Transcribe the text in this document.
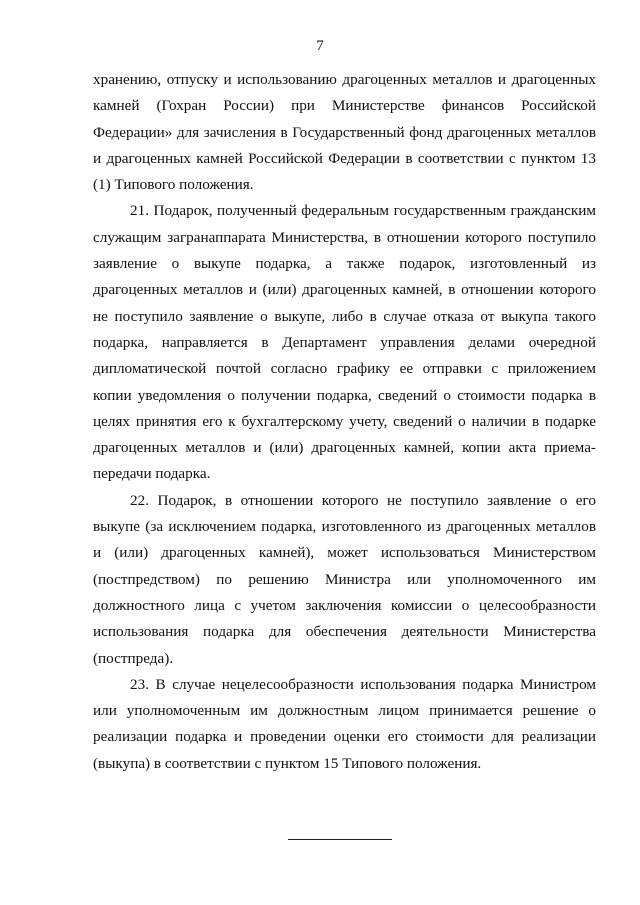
7

хранению, отпуску и использованию драгоценных металлов и драгоценных камней (Гохран России) при Министерстве финансов Российской Федерации» для зачисления в Государственный фонд драгоценных металлов и драгоценных камней Российской Федерации в соответствии с пунктом 13 (1) Типового положения.

21. Подарок, полученный федеральным государственным гражданским служащим загранаппарата Министерства, в отношении которого поступило заявление о выкупе подарка, а также подарок, изготовленный из драгоценных металлов и (или) драгоценных камней, в отношении которого не поступило заявление о выкупе, либо в случае отказа от выкупа такого подарка, направляется в Департамент управления делами очередной дипломатической почтой согласно графику ее отправки с приложением копии уведомления о получении подарка, сведений о стоимости подарка в целях принятия его к бухгалтерскому учету, сведений о наличии в подарке драгоценных металлов и (или) драгоценных камней, копии акта приема-передачи подарка.

22. Подарок, в отношении которого не поступило заявление о его выкупе (за исключением подарка, изготовленного из драгоценных металлов и (или) драгоценных камней), может использоваться Министерством (постпредством) по решению Министра или уполномоченного им должностного лица с учетом заключения комиссии о целесообразности использования подарка для обеспечения деятельности Министерства (постпреда).

23. В случае нецелесообразности использования подарка Министром или уполномоченным им должностным лицом принимается решение о реализации подарка и проведении оценки его стоимости для реализации (выкупа) в соответствии с пунктом 15 Типового положения.
